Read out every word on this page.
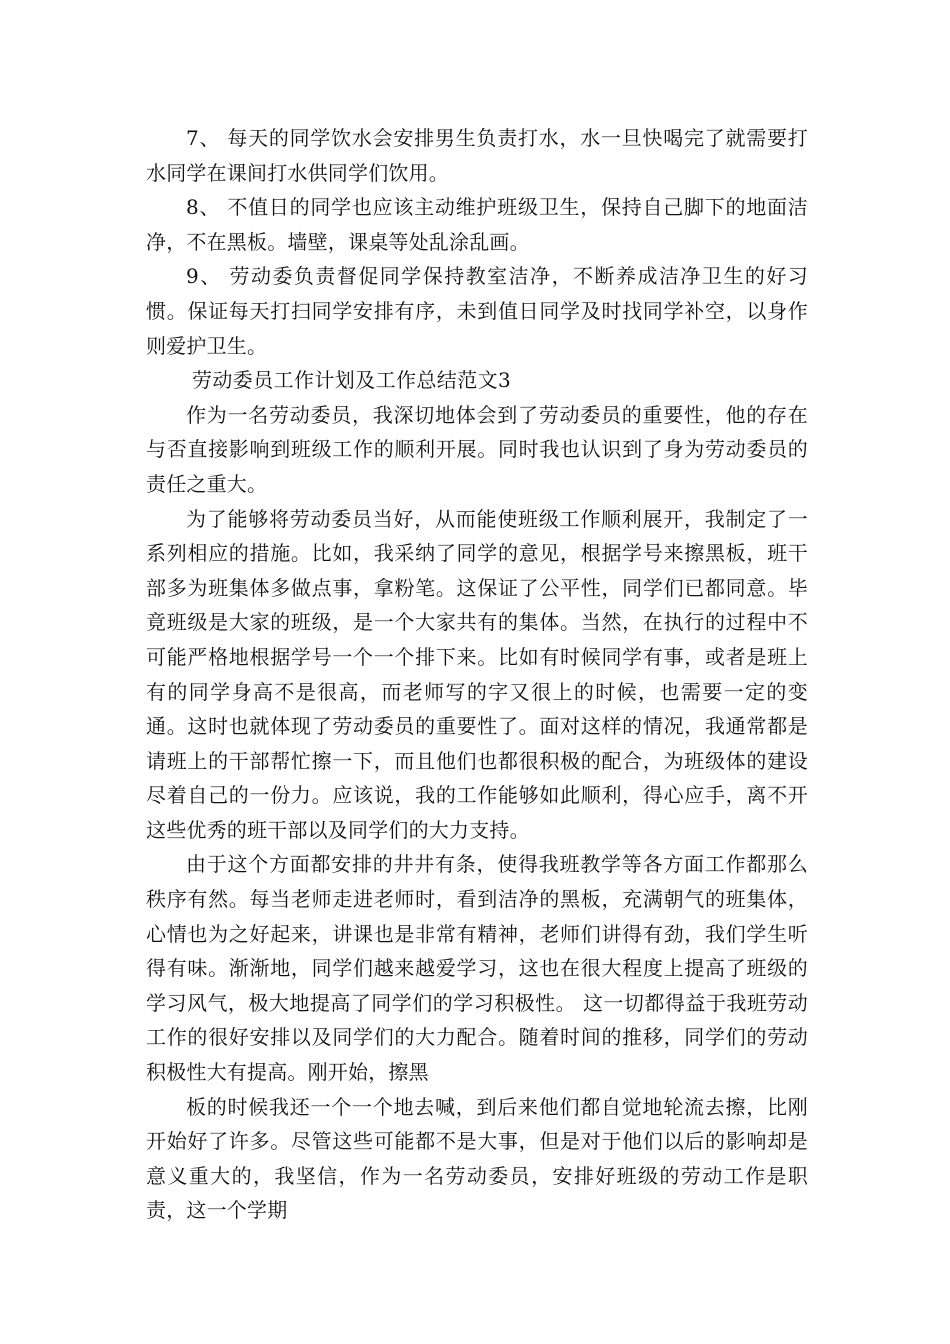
7、 每天的同学饮水会安排男生负责打水，水一旦快喝完了就需要打水同学在课间打水供同学们饮用。

8、 不值日的同学也应该主动维护班级卫生，保持自己脚下的地面洁净，不在黑板。墙壁，课桌等处乱涂乱画。

9、 劳动委负责督促同学保持教室洁净，不断养成洁净卫生的好习惯。保证每天打扫同学安排有序，未到值日同学及时找同学补空，以身作则爱护卫生。

劳动委员工作计划及工作总结范文3

作为一名劳动委员，我深切地体会到了劳动委员的重要性，他的存在与否直接影响到班级工作的顺利开展。同时我也认识到了身为劳动委员的责任之重大。

为了能够将劳动委员当好，从而能使班级工作顺利展开，我制定了一系列相应的措施。比如，我采纳了同学的意见，根据学号来擦黑板，班干部多为班集体多做点事，拿粉笔。这保证了公平性，同学们已都同意。毕竟班级是大家的班级，是一个大家共有的集体。当然，在执行的过程中不可能严格地根据学号一个一个排下来。比如有时候同学有事，或者是班上有的同学身高不是很高，而老师写的字又很上的时候，也需要一定的变通。这时也就体现了劳动委员的重要性了。面对这样的情况，我通常都是请班上的干部帮忙擦一下，而且他们也都很积极的配合，为班级体的建设尽着自己的一份力。应该说，我的工作能够如此顺利，得心应手，离不开这些优秀的班干部以及同学们的大力支持。

由于这个方面都安排的井井有条，使得我班教学等各方面工作都那么秩序有然。每当老师走进老师时，看到洁净的黑板，充满朝气的班集体，心情也为之好起来，讲课也是非常有精神，老师们讲得有劲，我们学生听得有味。渐渐地，同学们越来越爱学习，这也在很大程度上提高了班级的学习风气，极大地提高了同学们的学习积极性。 这一切都得益于我班劳动工作的很好安排以及同学们的大力配合。随着时间的推移，同学们的劳动积极性大有提高。刚开始，擦黑

板的时候我还一个一个地去喊，到后来他们都自觉地轮流去擦，比刚开始好了许多。尽管这些可能都不是大事，但是对于他们以后的影响却是意义重大的，我坚信，作为一名劳动委员，安排好班级的劳动工作是职责，这一个学期
